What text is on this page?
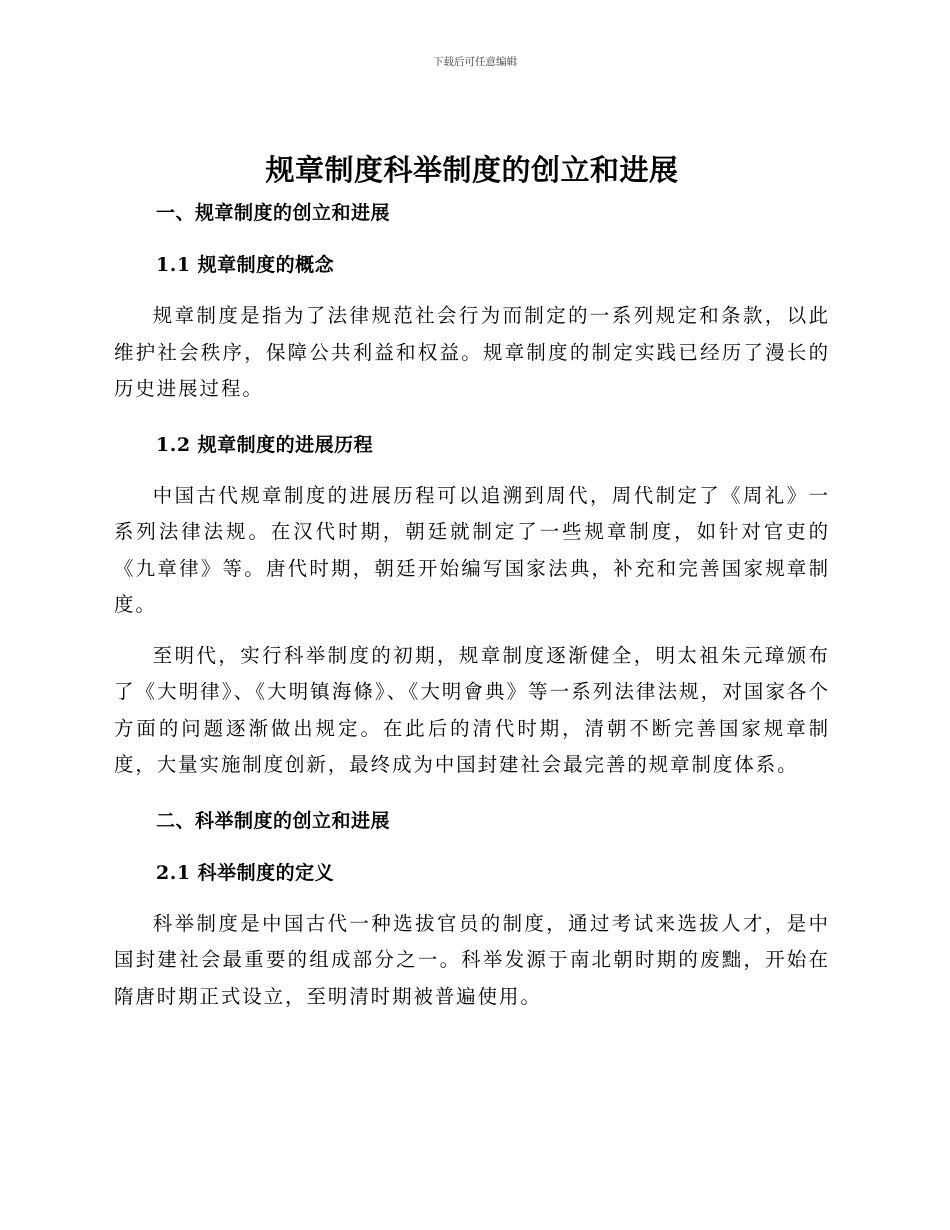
下载后可任意编辑
规章制度科举制度的创立和进展
一、规章制度的创立和进展
1.1 规章制度的概念

规章制度是指为了法律规范社会行为而制定的一系列规定和条款，以此维护社会秩序，保障公共利益和权益。规章制度的制定实践已经历了漫长的历史进展过程。

1.2 规章制度的进展历程

中国古代规章制度的进展历程可以追溯到周代，周代制定了《周礼》一系列法律法规。在汉代时期，朝廷就制定了一些规章制度，如针对官吏的《九章律》等。唐代时期，朝廷开始编写国家法典，补充和完善国家规章制度。

至明代，实行科举制度的初期，规章制度逐渐健全，明太祖朱元璋颁布了《大明律》、《大明镇海條》、《大明會典》等一系列法律法规，对国家各个方面的问题逐渐做出规定。在此后的清代时期，清朝不断完善国家规章制度，大量实施制度创新，最终成为中国封建社会最完善的规章制度体系。

二、科举制度的创立和进展
2.1 科举制度的定义

科举制度是中国古代一种选拔官员的制度，通过考试来选拔人才，是中国封建社会最重要的组成部分之一。科举发源于南北朝时期的废黜，开始在隋唐时期正式设立，至明清时期被普遍使用。
